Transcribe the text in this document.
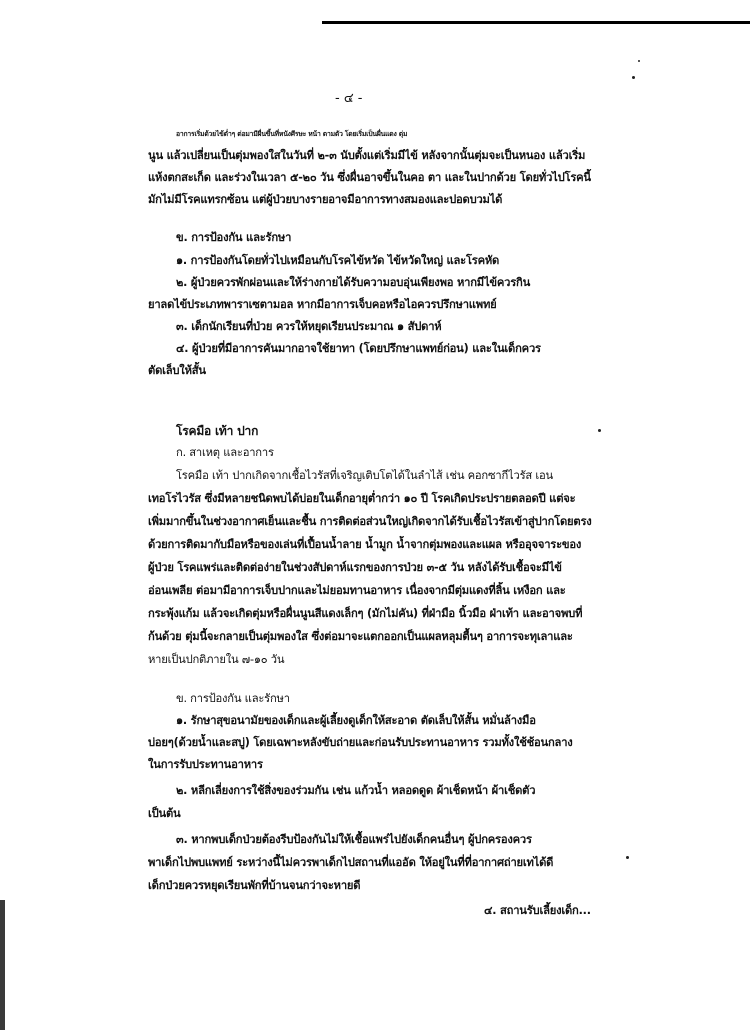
- ๔ -
อาการเริ่มด้วยไข้ต่ำๆ ต่อมามีผื่นขึ้นที่หนังศีรษะ หน้า ตามตัว โดยเริ่มเป็นผื่นแดง ตุ่ม
นูน แล้วเปลี่ยนเป็นตุ่มพองใสในวันที่ ๒-๓ นับตั้งแต่เริ่มมีไข้ หลังจากนั้นตุ่มจะเป็นหนอง แล้วเริ่ม
แห้งตกสะเก็ด และร่วงในเวลา ๕-๒๐ วัน ซึ่งผื่นอาจขึ้นในคอ ตา และในปากด้วย โดยทั่วไปโรคนี้
มักไม่มีโรคแทรกซ้อน แต่ผู้ป่วยบางรายอาจมีอาการทางสมองและปอดบวมได้
ข. การป้องกัน และรักษา
๑. การป้องกันโดยทั่วไปเหมือนกับโรคไข้หวัด ไข้หวัดใหญ่ และโรคหัด
๒. ผู้ป่วยควรพักผ่อนและให้ร่างกายได้รับความอบอุ่นเพียงพอ หากมีไข้ควรกิน
ยาลดไข้ประเภทพาราเซตามอล หากมีอาการเจ็บคอหรือไอควรปรึกษาแพทย์
๓. เด็กนักเรียนที่ป่วย ควรให้หยุดเรียนประมาณ ๑ สัปดาห์
๔. ผู้ป่วยที่มีอาการคันมากอาจใช้ยาทา (โดยปรึกษาแพทย์ก่อน) และในเด็กควร
ตัดเล็บให้สั้น
โรคมือ เท้า ปาก
ก. สาเหตุ และอาการ
โรคมือ เท้า ปากเกิดจากเชื้อไวรัสที่เจริญเติบโตได้ในลำไส้ เช่น คอกซากีไวรัส เอน
เทอโรไวรัส ซึ่งมีหลายชนิดพบได้บ่อยในเด็กอายุต่ำกว่า ๑๐ ปี โรคเกิดประปรายตลอดปี แต่จะ
เพิ่มมากขึ้นในช่วงอากาศเย็นและชื้น การติดต่อส่วนใหญ่เกิดจากได้รับเชื้อไวรัสเข้าสู่ปากโดยตรง
ด้วยการติดมากับมือหรือของเล่นที่เปื้อนน้ำลาย น้ำมูก น้ำจากตุ่มพองและแผล หรืออุจจาระของ
ผู้ป่วย โรคแพร่และติดต่อง่ายในช่วงสัปดาห์แรกของการป่วย ๓-๕ วัน หลังได้รับเชื้อจะมีไข้
อ่อนเพลีย ต่อมามีอาการเจ็บปากและไม่ยอมทานอาหาร เนื่องจากมีตุ่มแดงที่ลิ้น เหงือก และ
กระพุ้งแก้ม แล้วจะเกิดตุ่มหรือผื่นนูนสีแดงเล็กๆ (มักไม่คัน) ที่ฝ่ามือ นิ้วมือ ฝ่าเท้า และอาจพบที่
ก้นด้วย ตุ่มนี้จะกลายเป็นตุ่มพองใส ซึ่งต่อมาจะแตกออกเป็นแผลหลุมตื้นๆ อาการจะทุเลาและ
หายเป็นปกติภายใน ๗-๑๐ วัน
ข. การป้องกัน และรักษา
๑. รักษาสุขอนามัยของเด็กและผู้เลี้ยงดูเด็กให้สะอาด ตัดเล็บให้สั้น หมั่นล้างมือ
บ่อยๆ(ด้วยน้ำและสบู่) โดยเฉพาะหลังขับถ่ายและก่อนรับประทานอาหาร รวมทั้งใช้ช้อนกลาง
ในการรับประทานอาหาร
๒. หลีกเลี่ยงการใช้สิ่งของร่วมกัน เช่น แก้วน้ำ หลอดดูด ผ้าเช็ดหน้า ผ้าเช็ดตัว
เป็นต้น
๓. หากพบเด็กป่วยต้องรีบป้องกันไม่ให้เชื้อแพร่ไปยังเด็กคนอื่นๆ ผู้ปกครองควร
พาเด็กไปพบแพทย์ ระหว่างนี้ไม่ควรพาเด็กไปสถานที่แออัด ให้อยู่ในที่ที่อากาศถ่ายเทได้ดี
เด็กป่วยควรหยุดเรียนพักที่บ้านจนกว่าจะหายดี
๔. สถานรับเลี้ยงเด็ก...
